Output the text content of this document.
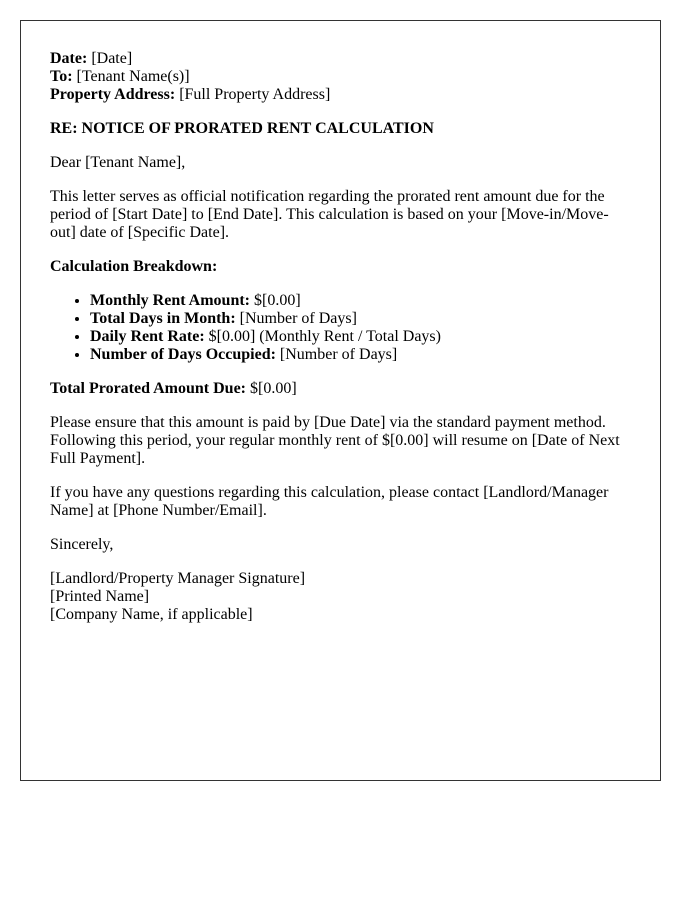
Date: [Date]

To: [Tenant Name(s)]

Property Address: [Full Property Address]

RE: NOTICE OF PRORATED RENT CALCULATION

Dear [Tenant Name],

This letter serves as official notification regarding the prorated rent amount due for the period of [Start Date] to [End Date]. This calculation is based on your [Move-in/Move-out] date of [Specific Date].

Calculation Breakdown:

• Monthly Rent Amount: $[0.00]
• Total Days in Month: [Number of Days]
• Daily Rent Rate: $[0.00] (Monthly Rent / Total Days)
• Number of Days Occupied: [Number of Days]

Total Prorated Amount Due: $[0.00]

Please ensure that this amount is paid by [Due Date] via the standard payment method. Following this period, your regular monthly rent of $[0.00] will resume on [Date of Next Full Payment].

If you have any questions regarding this calculation, please contact [Landlord/Manager Name] at [Phone Number/Email].

Sincerely,

[Landlord/Property Manager Signature]
[Printed Name]
[Company Name, if applicable]
